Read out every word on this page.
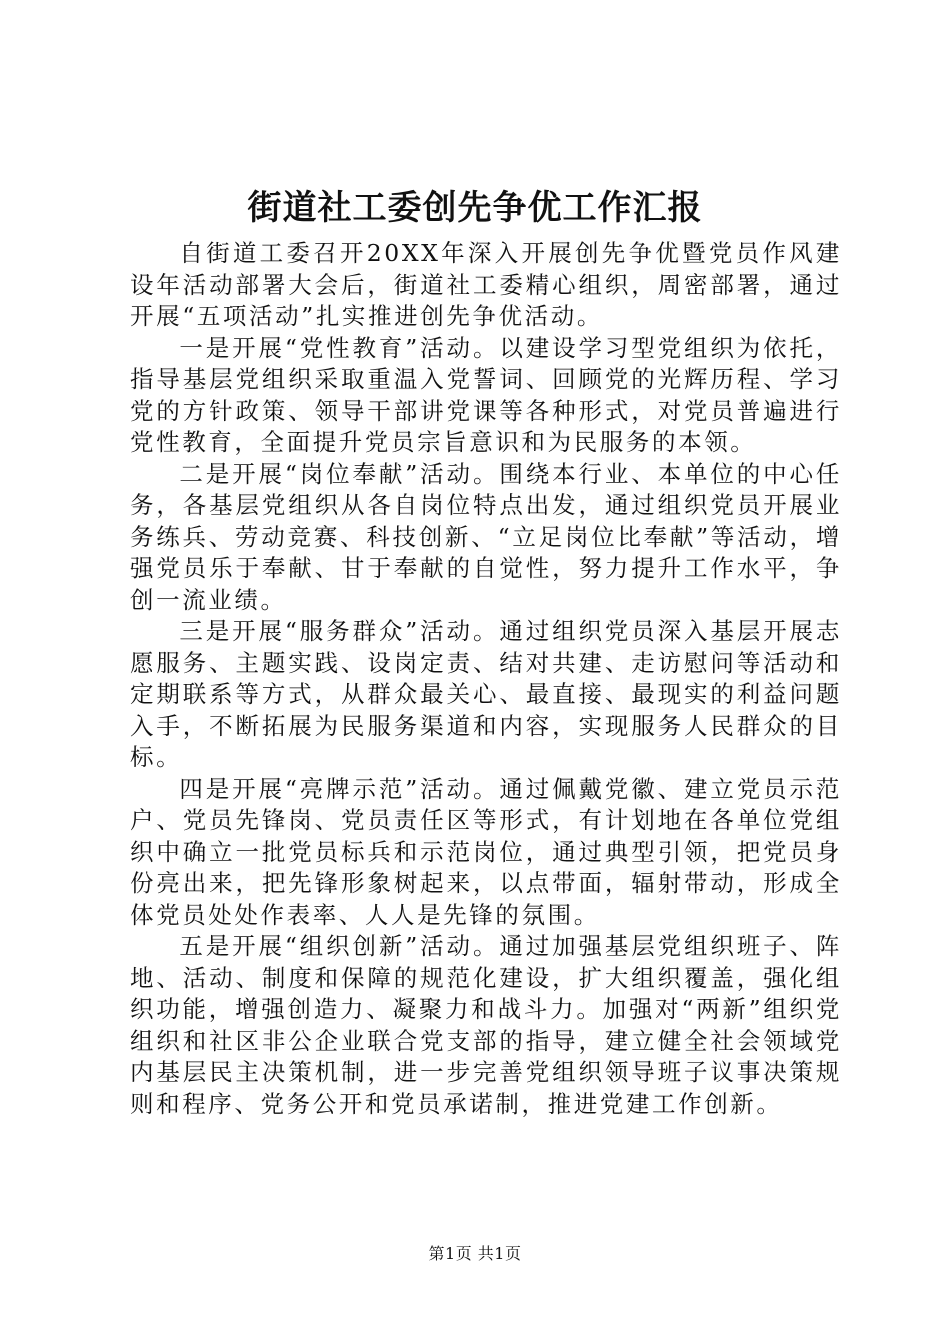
街道社工委创先争优工作汇报

自街道工委召开20XX年深入开展创先争优暨党员作风建设年活动部署大会后，街道社工委精心组织，周密部署，通过开展“五项活动”扎实推进创先争优活动。

一是开展“党性教育”活动。以建设学习型党组织为依托，指导基层党组织采取重温入党誓词、回顾党的光辉历程、学习党的方针政策、领导干部讲党课等各种形式，对党员普遍进行党性教育，全面提升党员宗旨意识和为民服务的本领。

二是开展“岗位奉献”活动。围绕本行业、本单位的中心任务，各基层党组织从各自岗位特点出发，通过组织党员开展业务练兵、劳动竞赛、科技创新、“立足岗位比奉献”等活动，增强党员乐于奉献、甘于奉献的自觉性，努力提升工作水平，争创一流业绩。

三是开展“服务群众”活动。通过组织党员深入基层开展志愿服务、主题实践、设岗定责、结对共建、走访慰问等活动和定期联系等方式，从群众最关心、最直接、最现实的利益问题入手，不断拓展为民服务渠道和内容，实现服务人民群众的目标。

四是开展“亮牌示范”活动。通过佩戴党徽、建立党员示范户、党员先锋岗、党员责任区等形式，有计划地在各单位党组织中确立一批党员标兵和示范岗位，通过典型引领，把党员身份亮出来，把先锋形象树起来，以点带面，辐射带动，形成全体党员处处作表率、人人是先锋的氛围。

五是开展“组织创新”活动。通过加强基层党组织班子、阵地、活动、制度和保障的规范化建设，扩大组织覆盖，强化组织功能，增强创造力、凝聚力和战斗力。加强对“两新”组织党组织和社区非公企业联合党支部的指导，建立健全社会领域党内基层民主决策机制，进一步完善党组织领导班子议事决策规则和程序、党务公开和党员承诺制，推进党建工作创新。

第1页 共1页
